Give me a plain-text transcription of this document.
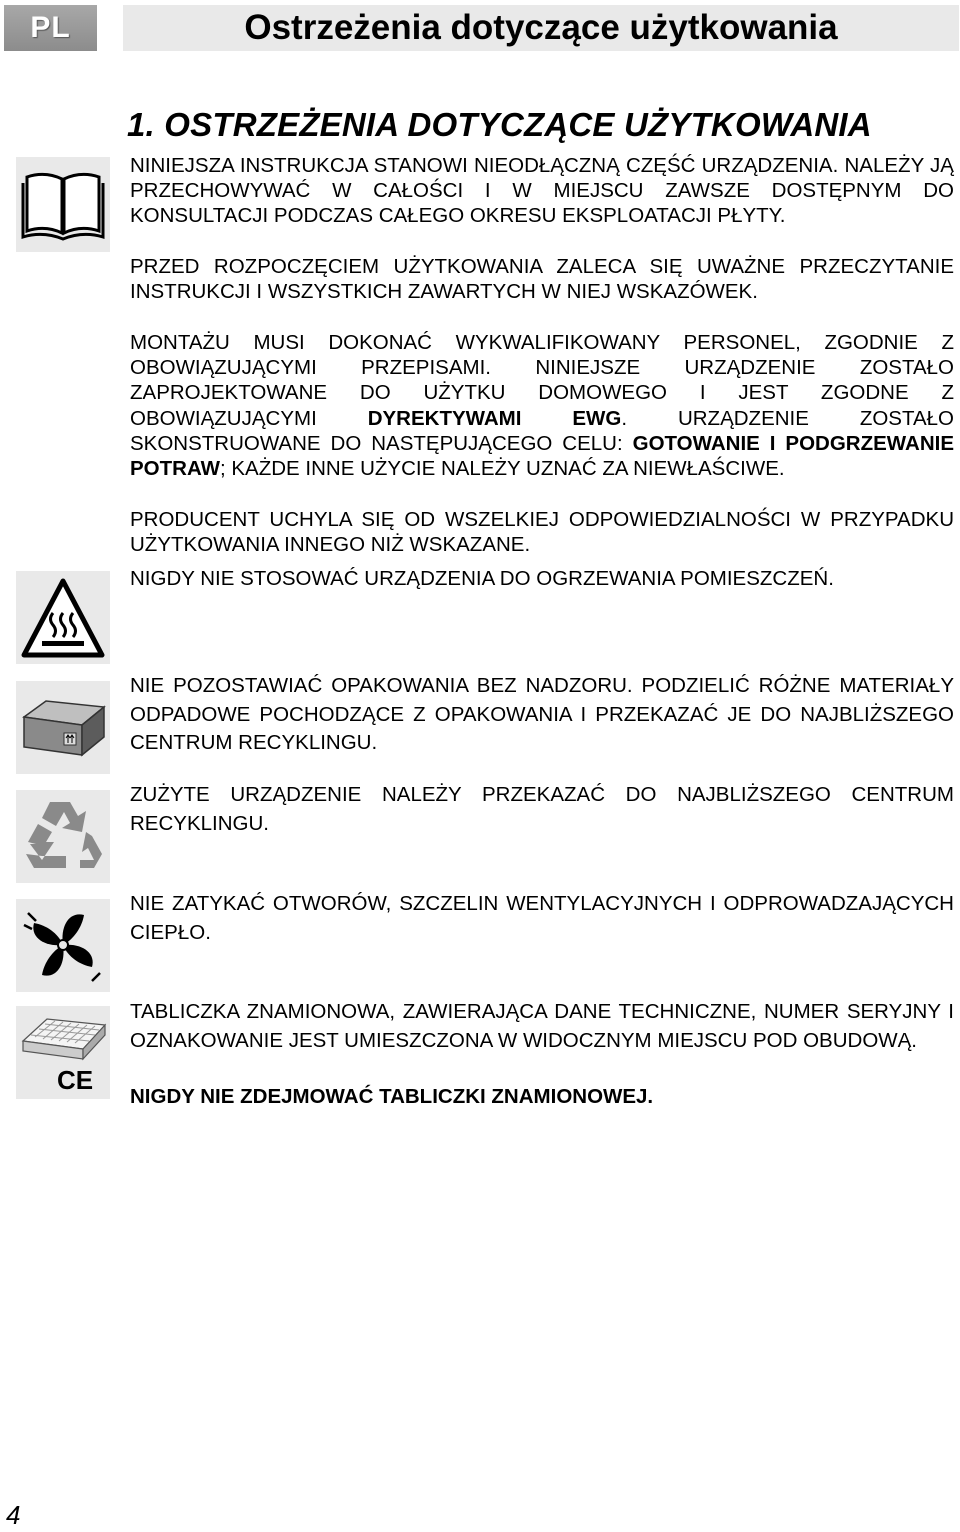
PL	Ostrzeżenia dotyczące użytkowania
1. OSTRZEŻENIA DOTYCZĄCE UŻYTKOWANIA

NINIEJSZA INSTRUKCJA STANOWI NIEODŁĄCZNĄ CZĘŚĆ URZĄDZENIA. NALEŻY JĄ PRZECHOWYWAĆ W CAŁOŚCI I W MIEJSCU ZAWSZE DOSTĘPNYM DO KONSULTACJI PODCZAS CAŁEGO OKRESU EKSPLOATACJI PŁYTY.

PRZED ROZPOCZĘCIEM UŻYTKOWANIA ZALECA SIĘ UWAŻNE PRZECZYTANIE INSTRUKCJI I WSZYSTKICH ZAWARTYCH W NIEJ WSKAZÓWEK.

MONTAŻU MUSI DOKONAĆ WYKWALIFIKOWANY PERSONEL, ZGODNIE Z OBOWIĄZUJĄCYMI PRZEPISAMI. NINIEJSZE URZĄDZENIE ZOSTAŁO ZAPROJEKTOWANE DO UŻYTKU DOMOWEGO I JEST ZGODNE Z OBOWIĄZUJĄCYMI DYREKTYWAMI EWG. URZĄDZENIE ZOSTAŁO SKONSTRUOWANE DO NASTĘPUJĄCEGO CELU: GOTOWANIE I PODGRZEWANIE POTRAW; KAŻDE INNE UŻYCIE NALEŻY UZNAĆ ZA NIEWŁAŚCIWE.

PRODUCENT UCHYLA SIĘ OD WSZELKIEJ ODPOWIEDZIALNOŚCI W PRZYPADKU UŻYTKOWANIA INNEGO NIŻ WSKAZANE.

NIGDY NIE STOSOWAĆ URZĄDZENIA DO OGRZEWANIA POMIESZCZEŃ.

NIE POZOSTAWIAĆ OPAKOWANIA BEZ NADZORU. PODZIELIĆ RÓŻNE MATERIAŁY ODPADOWE POCHODZĄCE Z OPAKOWANIA I PRZEKAZAĆ JE DO NAJBLIŻSZEGO CENTRUM RECYKLINGU.

ZUŻYTE URZĄDZENIE NALEŻY PRZEKAZAĆ DO NAJBLIŻSZEGO CENTRUM RECYKLINGU.

NIE ZATYKAĆ OTWORÓW, SZCZELIN WENTYLACYJNYCH I ODPROWADZAJĄCYCH CIEPŁO.

CE

TABLICZKA ZNAMIONOWA, ZAWIERAJĄCA DANE TECHNICZNE, NUMER SERYJNY I OZNAKOWANIE JEST UMIESZCZONA W WIDOCZNYM MIEJSCU POD OBUDOWĄ.

NIGDY NIE ZDEJMOWAĆ TABLICZKI ZNAMIONOWEJ.

4
